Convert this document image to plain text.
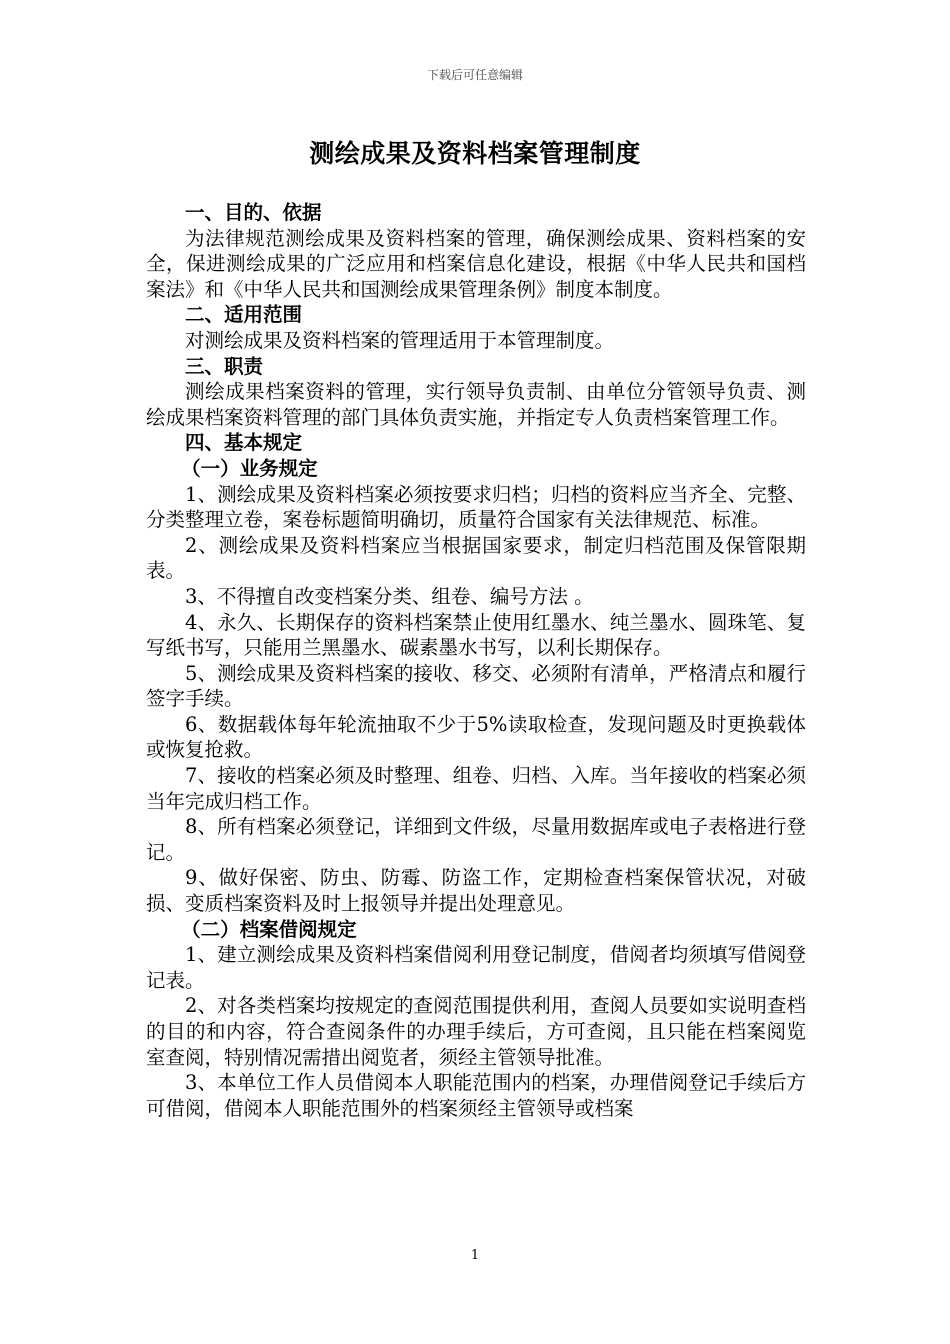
下载后可任意编辑
测绘成果及资料档案管理制度
一、目的、依据

为法律规范测绘成果及资料档案的管理，确保测绘成果、资料档案的安全，保进测绘成果的广泛应用和档案信息化建设，根据《中华人民共和国档案法》和《中华人民共和国测绘成果管理条例》制度本制度。

二、适用范围

对测绘成果及资料档案的管理适用于本管理制度。

三、职责

测绘成果档案资料的管理，实行领导负责制、由单位分管领导负责、测绘成果档案资料管理的部门具体负责实施，并指定专人负责档案管理工作。

四、基本规定
（一）业务规定

1、测绘成果及资料档案必须按要求归档；归档的资料应当齐全、完整、分类整理立卷，案卷标题简明确切，质量符合国家有关法律规范、标准。

2、测绘成果及资料档案应当根据国家要求，制定归档范围及保管限期表。

3、不得擅自改变档案分类、组卷、编号方法 。

4、永久、长期保存的资料档案禁止使用红墨水、纯兰墨水、圆珠笔、复写纸书写，只能用兰黑墨水、碳素墨水书写，以利长期保存。

5、测绘成果及资料档案的接收、移交、必须附有清单，严格清点和履行签字手续。

6、数据载体每年轮流抽取不少于5%读取检查，发现问题及时更换载体或恢复抢救。

7、接收的档案必须及时整理、组卷、归档、入库。当年接收的档案必须当年完成归档工作。

8、所有档案必须登记，详细到文件级，尽量用数据库或电子表格进行登记。

9、做好保密、防虫、防霉、防盗工作，定期检查档案保管状况，对破损、变质档案资料及时上报领导并提出处理意见。

（二）档案借阅规定

1、建立测绘成果及资料档案借阅利用登记制度，借阅者均须填写借阅登记表。

2、对各类档案均按规定的查阅范围提供利用，查阅人员要如实说明查档的目的和内容，符合查阅条件的办理手续后，方可查阅，且只能在档案阅览室查阅，特别情况需措出阅览者，须经主管领导批准。

3、本单位工作人员借阅本人职能范围内的档案，办理借阅登记手续后方可借阅，借阅本人职能范围外的档案须经主管领导或档案

1
